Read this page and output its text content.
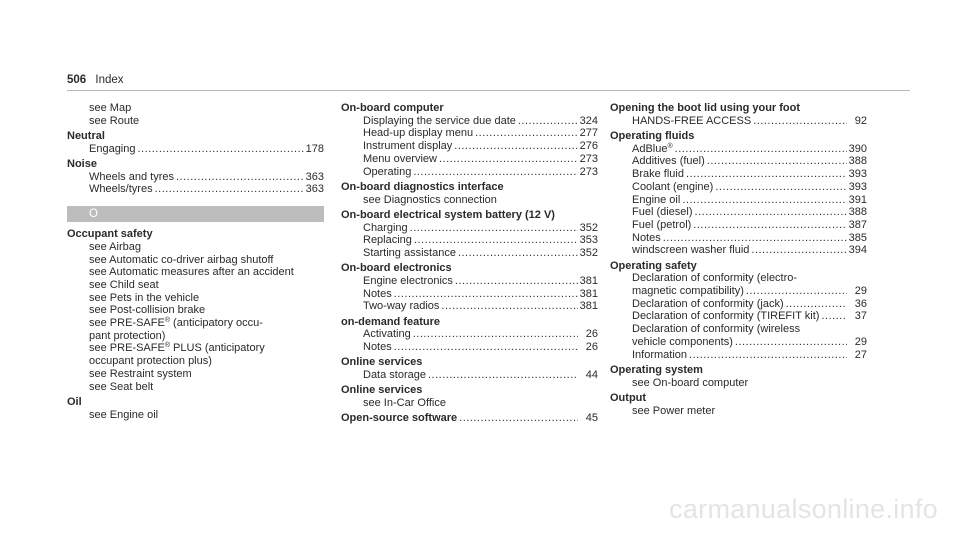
506 Index
see Map
see Route
Neutral
Engaging .....	178
Noise
Wheels and tyres .....	363
Wheels/tyres .....	363
O
Occupant safety
see Airbag
see Automatic co-driver airbag shutoff
see Automatic measures after an accident
see Child seat
see Pets in the vehicle
see Post-collision brake
see PRE-SAFE® (anticipatory occu-
pant protection)
see PRE-SAFE® PLUS (anticipatory
occupant protection plus)
see Restraint system
see Seat belt
Oil
see Engine oil
On-board computer
Displaying the service due date .....	324
Head-up display menu .....	277
Instrument display .....	276
Menu overview .....	273
Operating .....	273
On-board diagnostics interface
see Diagnostics connection
On-board electrical system battery (12 V)
Charging .....	352
Replacing .....	353
Starting assistance .....	352
On-board electronics
Engine electronics .....	381
Notes .....	381
Two-way radios .....	381
on-demand feature
Activating .....	26
Notes .....	26
Online services
Data storage .....	44
Online services
see In-Car Office
Open-source software .....	45
Opening the boot lid using your foot
HANDS-FREE ACCESS .....	92
Operating fluids
AdBlue® .....	390
Additives (fuel) .....	388
Brake fluid .....	393
Coolant (engine) .....	393
Engine oil .....	391
Fuel (diesel) .....	388
Fuel (petrol) .....	387
Notes .....	385
windscreen washer fluid .....	394
Operating safety
Declaration of conformity (electro-
magnetic compatibility) .....	29
Declaration of conformity (jack) .....	36
Declaration of conformity (TIREFIT kit) .....	37
Declaration of conformity (wireless
vehicle components) .....	29
Information .....	27
Operating system
see On-board computer
Output
see Power meter
carmanualsonline.info
